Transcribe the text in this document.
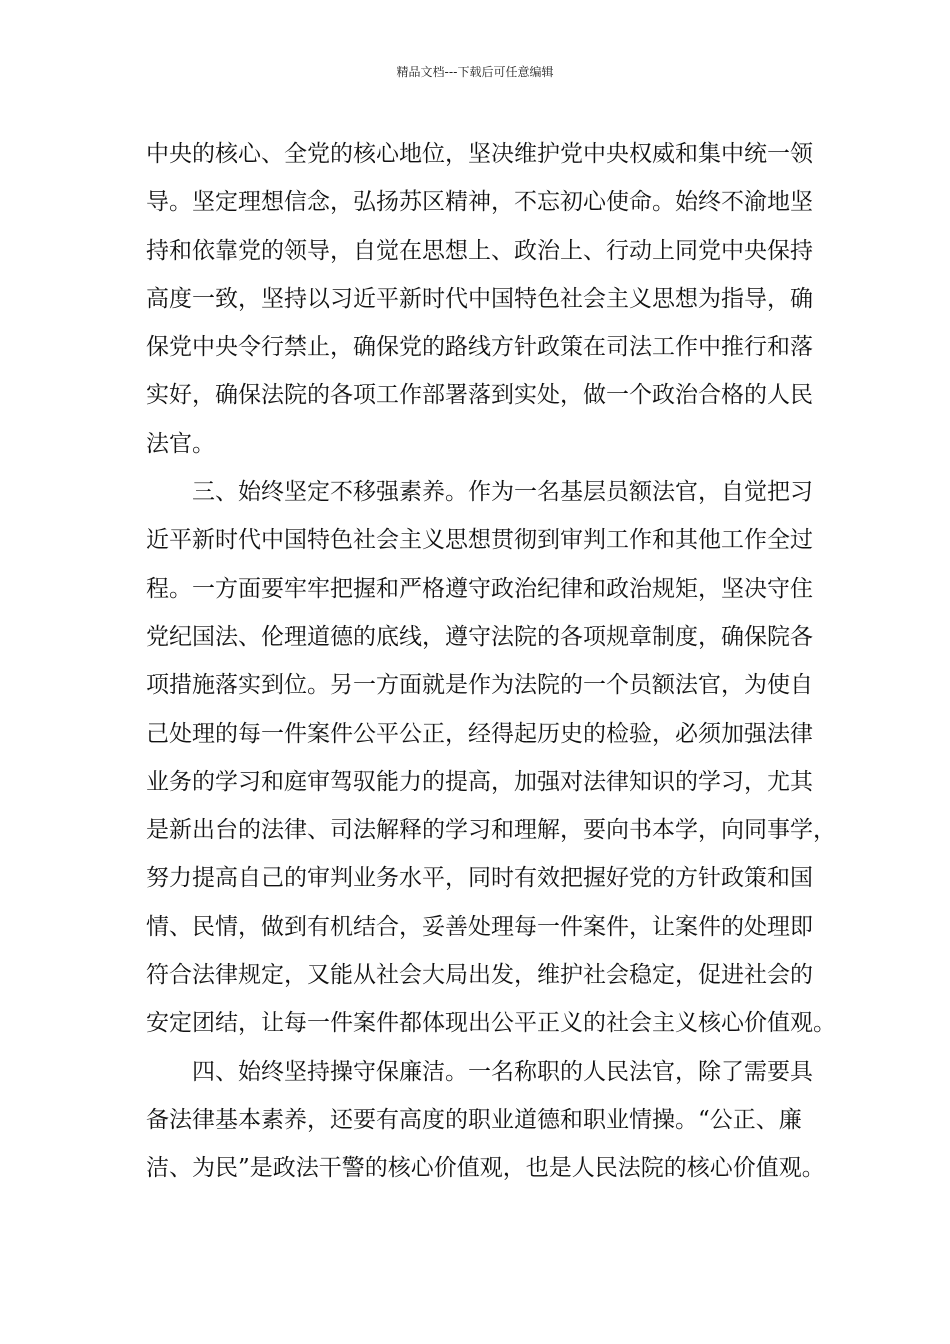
精品文档---下载后可任意编辑
中央的核心、全党的核心地位，坚决维护党中央权威和集中统一领
导。坚定理想信念，弘扬苏区精神，不忘初心使命。始终不渝地坚
持和依靠党的领导，自觉在思想上、政治上、行动上同党中央保持
高度一致，坚持以习近平新时代中国特色社会主义思想为指导，确
保党中央令行禁止，确保党的路线方针政策在司法工作中推行和落
实好，确保法院的各项工作部署落到实处，做一个政治合格的人民
法官。
三、始终坚定不移强素养。作为一名基层员额法官，自觉把习
近平新时代中国特色社会主义思想贯彻到审判工作和其他工作全过
程。一方面要牢牢把握和严格遵守政治纪律和政治规矩，坚决守住
党纪国法、伦理道德的底线，遵守法院的各项规章制度，确保院各
项措施落实到位。另一方面就是作为法院的一个员额法官，为使自
己处理的每一件案件公平公正，经得起历史的检验，必须加强法律
业务的学习和庭审驾驭能力的提高，加强对法律知识的学习，尤其
是新出台的法律、司法解释的学习和理解，要向书本学，向同事学，
努力提高自己的审判业务水平，同时有效把握好党的方针政策和国
情、民情，做到有机结合，妥善处理每一件案件，让案件的处理即
符合法律规定，又能从社会大局出发，维护社会稳定，促进社会的
安定团结，让每一件案件都体现出公平正义的社会主义核心价值观。
四、始终坚持操守保廉洁。一名称职的人民法官，除了需要具
备法律基本素养，还要有高度的职业道德和职业情操。“公正、廉
洁、为民”是政法干警的核心价值观，也是人民法院的核心价值观。
